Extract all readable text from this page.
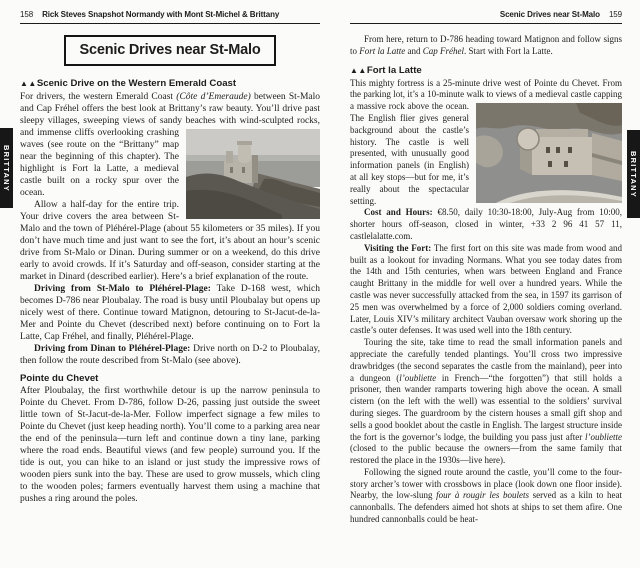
BRITTANY	BRITTANY
158 Rick Steves Snapshot Normandy with Mont St-Michel & Brittany
Scenic Drives near St-Malo
▲▲Scenic Drive on the Western Emerald Coast

For drivers, the western Emerald Coast (Côte d’Emeraude) between St-Malo and Cap Fréhel offers the best look at Brittany’s raw beauty. You’ll drive past sleepy villages, sweeping views of sandy beaches
with wind-sculpted rocks, and immense cliffs overlooking crashing waves (see route on the “Brittany” map near the beginning of this chapter). The highlight is Fort la Latte, a medieval castle built on a rocky spur over the ocean.

Allow a half-day for the entire trip. Your drive covers the area between St-Malo and the town of Pléhérel-Plage (about 55 kilometers or 35 miles). If you don’t have much time and just want to see the fort, it’s about an hour’s scenic drive from St-Malo or Dinan. During summer or on a weekend, do this drive early to avoid crowds. If it’s Saturday and off-season, consider starting at the market in Dinard (described earlier). Here’s a brief explanation of the route.

Driving from St-Malo to Pléhérel-Plage: Take D-168 west, which becomes D-786 near Ploubalay. The road is busy until Ploubalay but opens up nicely west of there. Continue toward Matignon, detouring to St-Jacut-de-la-Mer and Pointe du Chevet (described next) before continuing on to Fort la Latte, Cap Fréhel, and finally, Pléhérel-Plage.

Driving from Dinan to Pléhérel-Plage: Drive north on D-2 to Ploubalay, then follow the route described from St-Malo (see above).

Pointe du Chevet

After Ploubalay, the first worthwhile detour is up the narrow peninsula to Pointe du Chevet. From D-786, follow D-26, passing just outside the sweet little town of St-Jacut-de-la-Mer. Follow imperfect signage a few miles to Pointe du Chevet (just keep heading north). You’ll come to a parking area near the end of the peninsula—turn left and continue down a tiny lane, parking where the road ends. Beautiful views (and few people) surround you. If the tide is out, you can hike to an island or just study the impressive rows of wooden piers sunk into the bay. These are used to grow mussels, which cling to the wooden poles; farmers eventually harvest them using a machine that pushes a ring around the poles.

Scenic Drives near St-Malo 159

From here, return to D-786 heading toward Matignon and follow signs to Fort la Latte and Cap Fréhel. Start with Fort la Latte.

▲▲Fort la Latte

This mighty fortress is a 25-minute drive west of Pointe du Chevet. From the parking lot, it’s a 10-minute walk to views of a medieval
castle capping a massive rock above the ocean. The English flier gives general background about the castle’s history. The castle is well presented, with unusually good information panels (in English) at all key stops—but for me, it’s really about the spectacular setting.

Cost and Hours: €8.50, daily 10:30-18:00, July-Aug from 10:00, shorter hours off-season, closed in winter, +33 2 96 41 57 11, castlelalatte.com.

Visiting the Fort: The first fort on this site was made from wood and built as a lookout for invading Normans. What you see today dates from the 14th and 15th centuries, when wars between England and France caught Brittany in the middle for well over a hundred years. While the castle was never successfully attacked from the sea, in 1597 its garrison of 25 men was overwhelmed by a force of 2,000 soldiers coming overland. Later, Louis XIV’s military architect Vauban oversaw work shoring up the castle’s outer defenses. It was used well into the 18th century.

Touring the site, take time to read the small information panels and appreciate the carefully tended plantings. You’ll cross two impressive drawbridges (the second separates the castle from the mainland), peer into a dungeon (l’oubliette in French—“the forgotten”) that still holds a prisoner, then wander ramparts towering high above the ocean. A small cistern (on the left with the well) was essential to the soldiers’ survival during sieges. The guardroom by the cistern houses a small gift shop and sells a good booklet about the castle in English. The largest structure inside the fort is the governor’s lodge, the building you pass just after l’oubliette (closed to the public because the owners—from the same family that restored the place in the 1930s—live here).

Following the signed route around the castle, you’ll come to the four-story archer’s tower with crossbows in place (look down one floor inside). Nearby, the low-slung four à rougir les boulets served as a kiln to heat cannonballs. The defenders aimed hot shots at ships to set them afire. One hundred cannonballs could be heat-
